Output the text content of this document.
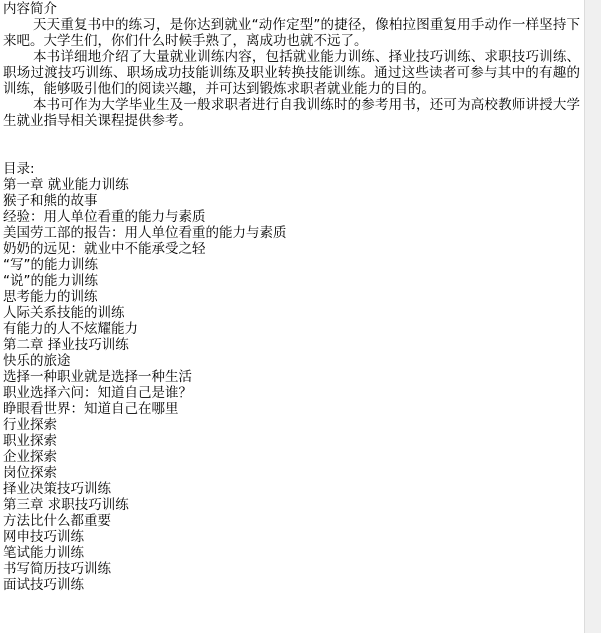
内容简介

天天重复书中的练习，是你达到就业“动作定型”的捷径，像柏拉图重复用手动作一样坚持下来吧。大学生们，你们什么时候手熟了，离成功也就不远了。

本书详细地介绍了大量就业训练内容，包括就业能力训练、择业技巧训练、求职技巧训练、职场过渡技巧训练、职场成功技能训练及职业转换技能训练。通过这些读者可参与其中的有趣的训练，能够吸引他们的阅读兴趣，并可达到锻炼求职者就业能力的目的。

本书可作为大学毕业生及一般求职者进行自我训练时的参考用书，还可为高校教师讲授大学生就业指导相关课程提供参考。

目录:
第一章 就业能力训练
猴子和熊的故事
经验：用人单位看重的能力与素质
美国劳工部的报告：用人单位看重的能力与素质
奶奶的远见：就业中不能承受之轻
“写”的能力训练
“说”的能力训练
思考能力的训练
人际关系技能的训练
有能力的人不炫耀能力
第二章 择业技巧训练
快乐的旅途
选择一种职业就是选择一种生活
职业选择六问：知道自己是谁？
睁眼看世界：知道自己在哪里
行业探索
职业探索
企业探索
岗位探索
择业决策技巧训练
第三章 求职技巧训练
方法比什么都重要
网申技巧训练
笔试能力训练
书写简历技巧训练
面试技巧训练
